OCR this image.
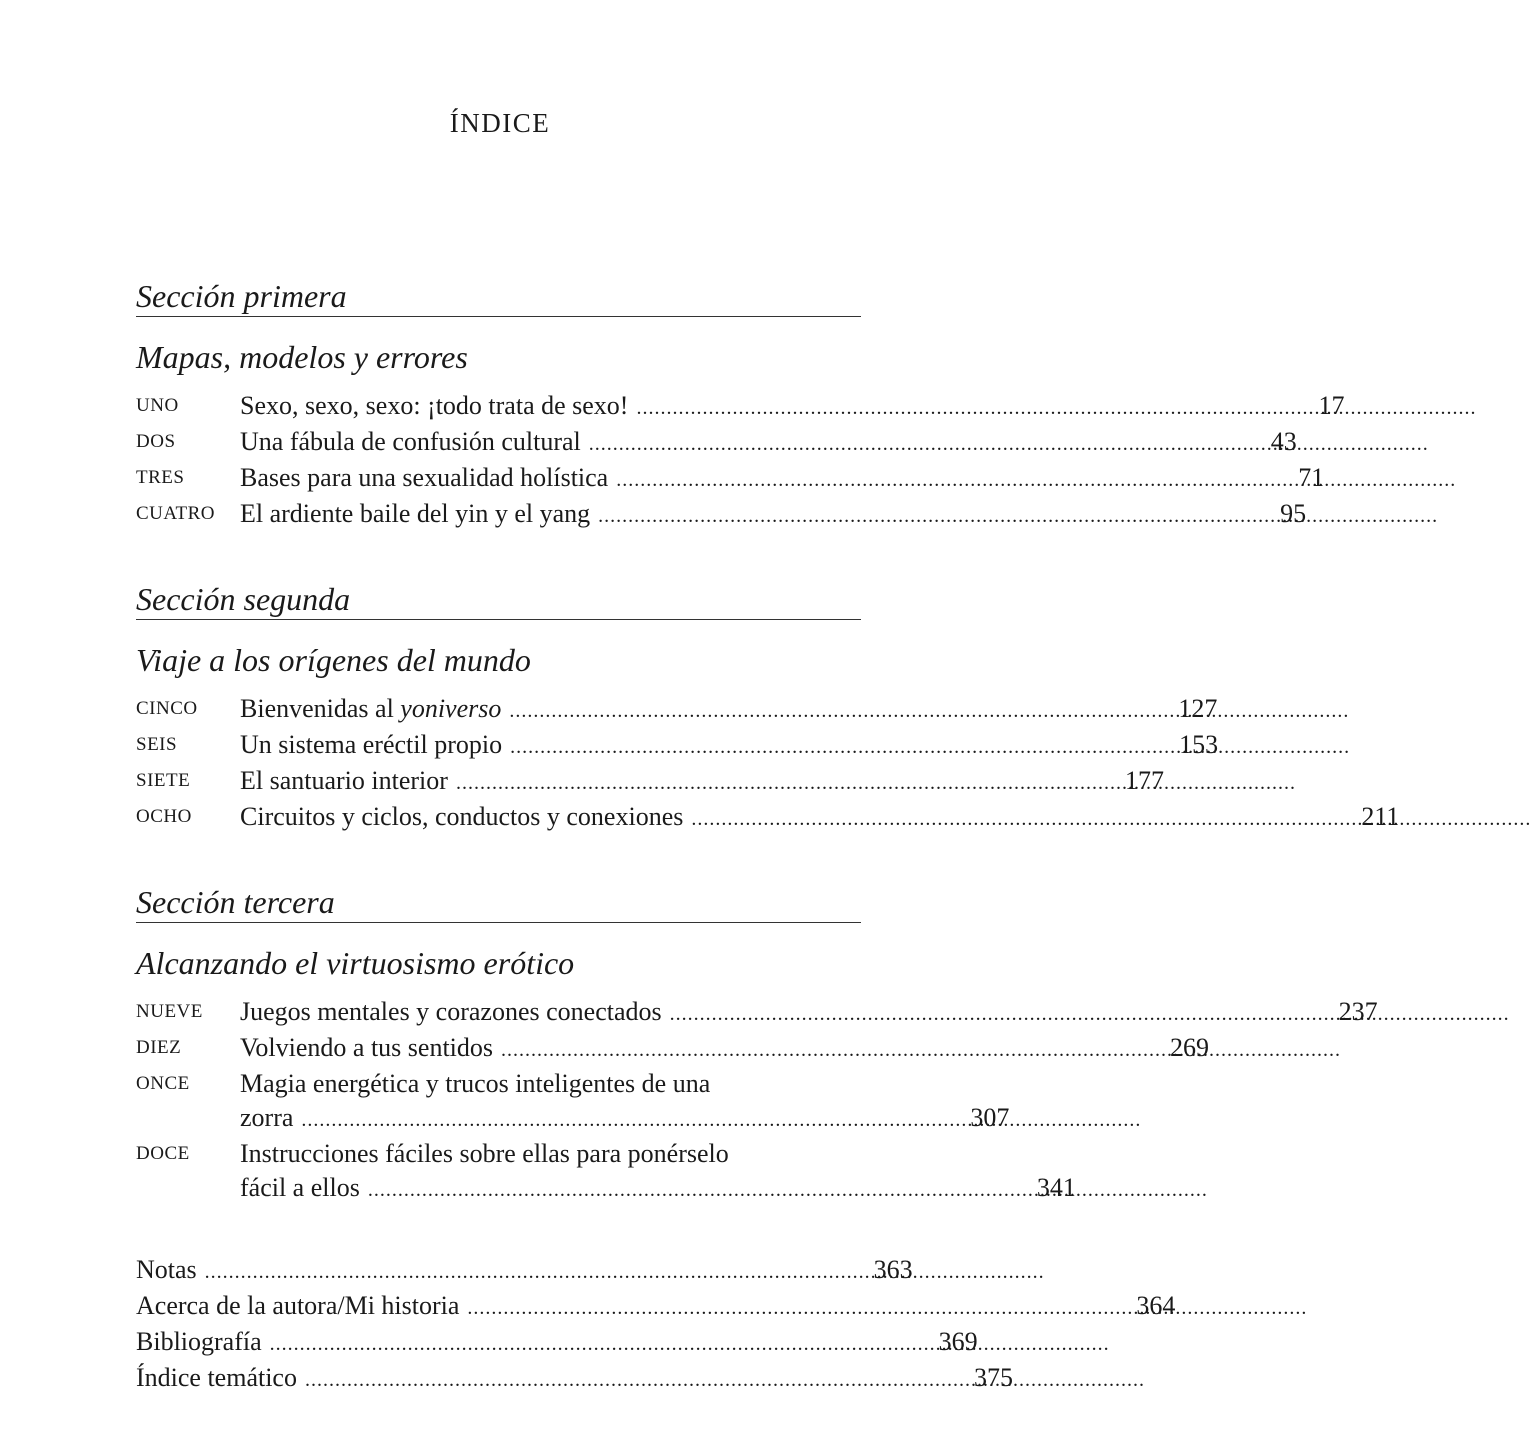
ÍNDICE
Sección primera
Mapas, modelos y errores
UNO	Sexo, sexo, sexo: ¡todo trata de sexo! .....	17
DOS	Una fábula de confusión cultural .....	43
TRES	Bases para una sexualidad holística .....	71
CUATRO El ardiente baile del yin y el yang .....	95
Sección segunda
Viaje a los orígenes del mundo
CINCO	Bienvenidas al yoniverso .....	127
SEIS	Un sistema eréctil propio .....	153
SIETE	El santuario interior .....	177
OCHO	Circuitos y ciclos, conductos y conexiones .....	211
Sección tercera
Alcanzando el virtuosismo erótico
NUEVE	Juegos mentales y corazones conectados .....	237
DIEZ	Volviendo a tus sentidos .....	269
ONCE	Magia energética y trucos inteligentes de una
zorra .....	307
DOCE	Instrucciones fáciles sobre ellas para ponérselo
fácil a ellos .....	341
Notas .....	363
Acerca de la autora/Mi historia .....	364
Bibliografía .....	369
Índice temático .....	375
